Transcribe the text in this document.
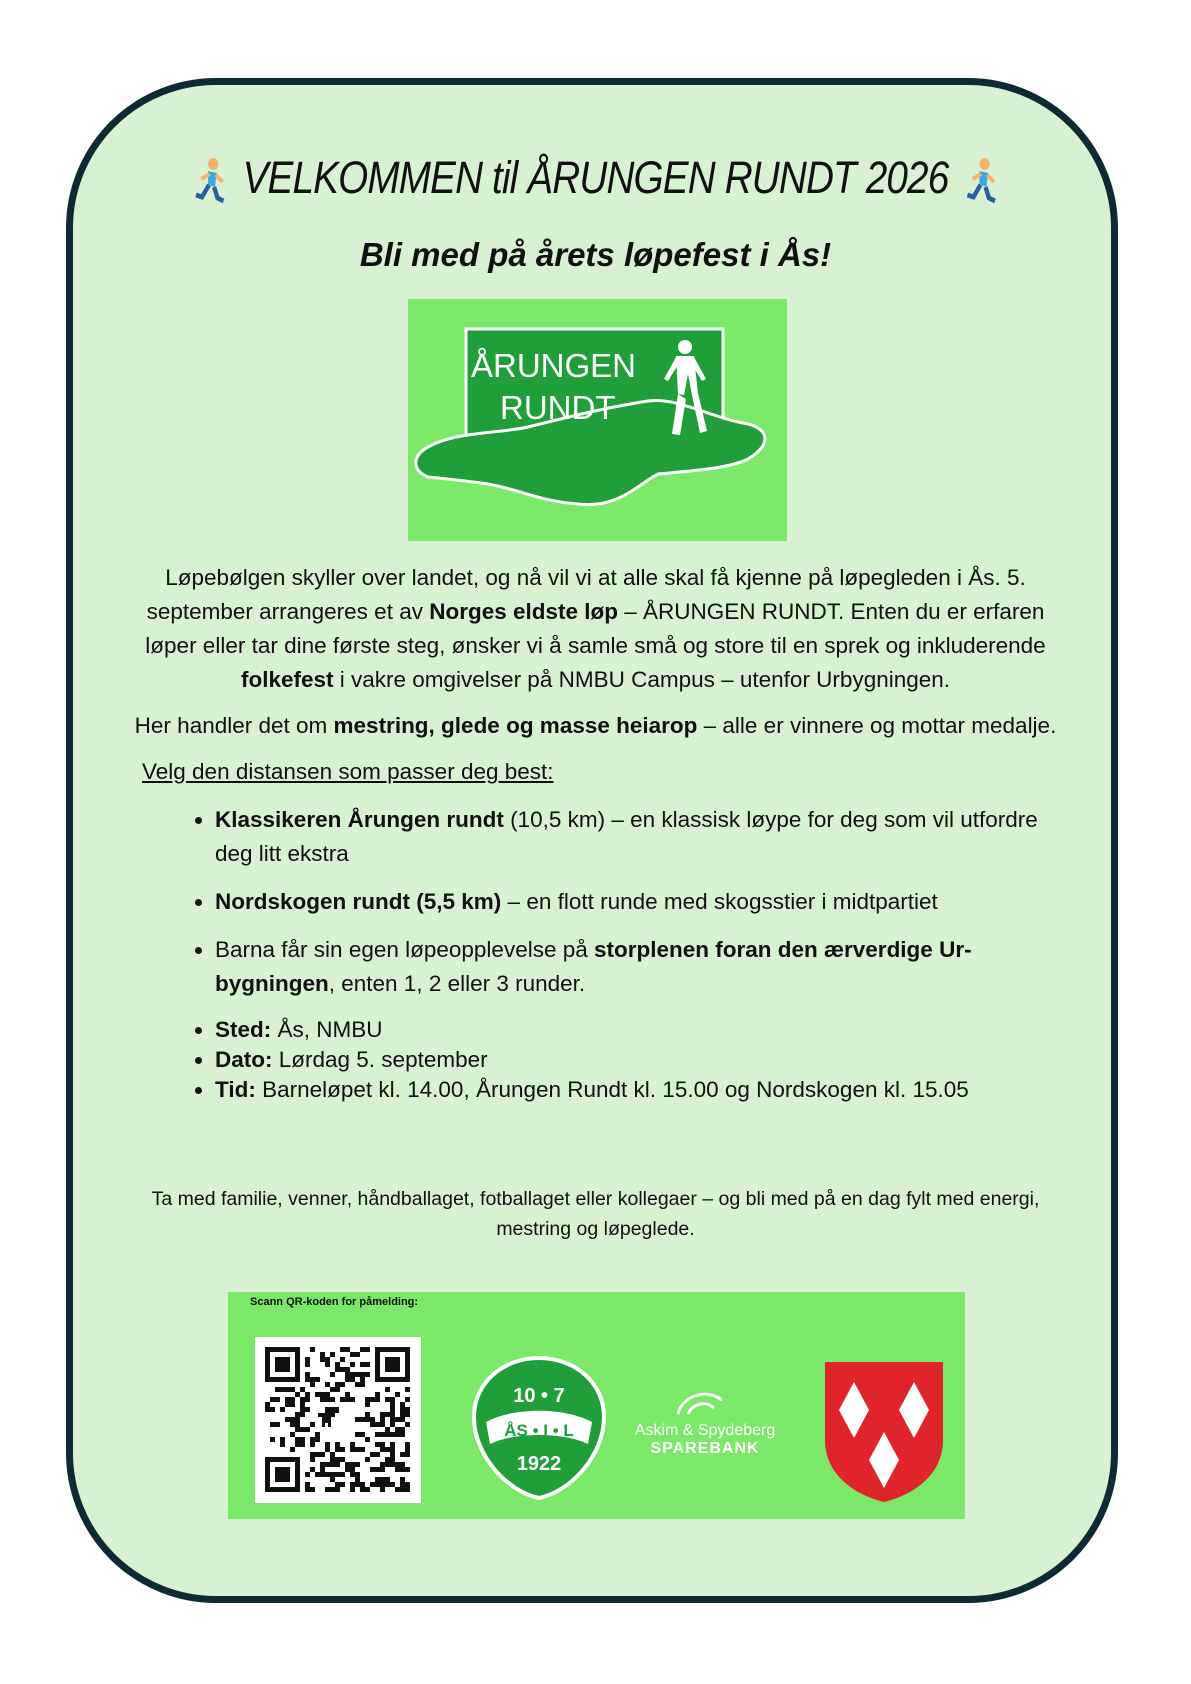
VELKOMMEN til ÅRUNGEN RUNDT 2026
Bli med på årets løpefest i Ås!
ÅRUNGEN
RUNDT

Løpebølgen skyller over landet, og nå vil vi at alle skal få kjenne på løpegleden i Ås. 5. september arrangeres et av Norges eldste løp – ÅRUNGEN RUNDT. Enten du er erfaren løper eller tar dine første steg, ønsker vi å samle små og store til en sprek og inkluderende folkefest i vakre omgivelser på NMBU Campus – utenfor Urbygningen.

Her handler det om mestring, glede og masse heiarop – alle er vinnere og mottar medalje.

Velg den distansen som passer deg best:

• Klassikeren Årungen rundt (10,5 km) – en klassisk løype for deg som vil utfordre deg litt ekstra
• Nordskogen rundt (5,5 km) – en flott runde med skogsstier i midtpartiet
• Barna får sin egen løpeopplevelse på storplenen foran den ærverdige Ur-bygningen, enten 1, 2 eller 3 runder.
• Sted: Ås, NMBU
• Dato: Lørdag 5. september
• Tid: Barneløpet kl. 14.00, Årungen Rundt kl. 15.00 og Nordskogen kl. 15.05
Ta med familie, venner, håndballaget, fotballaget eller kollegaer – og bli med på en dag fylt med energi, mestring og løpeglede.
Scann QR-koden for påmelding:
10 • 7
ÅS • I • L
1922
Askim & Spydeberg
SPAREBANK
